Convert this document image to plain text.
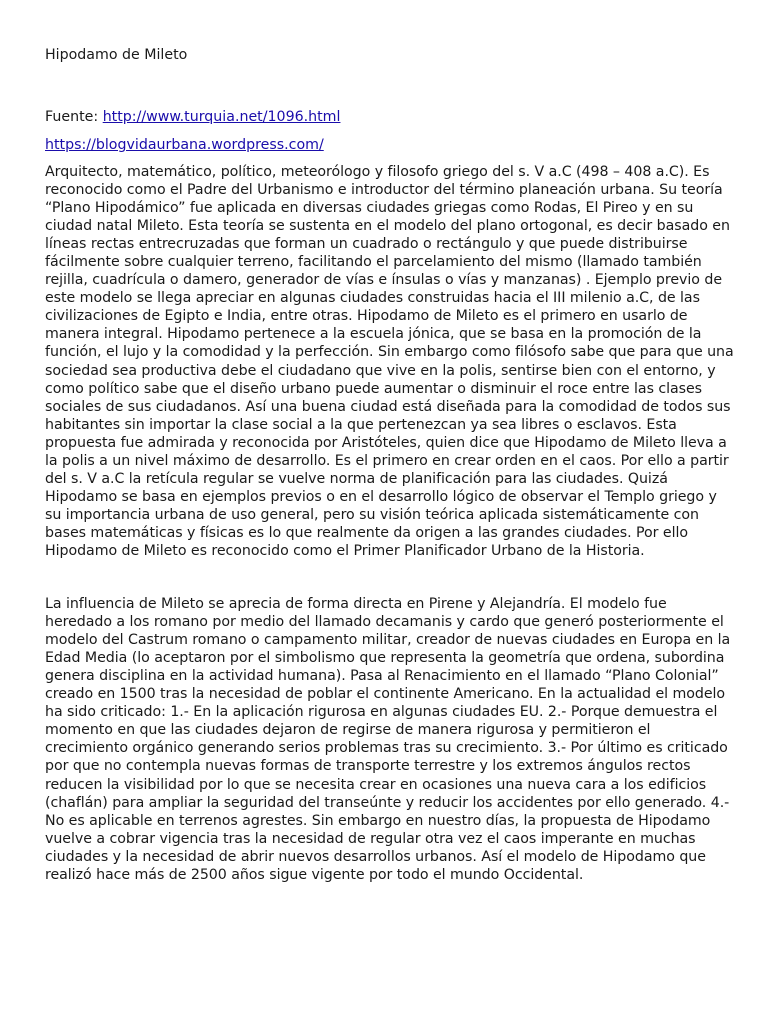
Hipodamo de Mileto

Fuente: http://www.turquia.net/1096.html

https://blogvidaurbana.wordpress.com/

Arquitecto, matemático, político, meteorólogo y filosofo griego del s. V a.C (498 – 408 a.C). Es reconocido como el Padre del Urbanismo e introductor del término planeación urbana. Su teoría “Plano Hipodámico” fue aplicada en diversas ciudades griegas como Rodas, El Pireo y en su ciudad natal Mileto. Esta teoría se sustenta en el modelo del plano ortogonal, es decir basado en líneas rectas entrecruzadas que forman un cuadrado o rectángulo y que puede distribuirse fácilmente sobre cualquier terreno, facilitando el parcelamiento del mismo (llamado también rejilla, cuadrícula o damero, generador de vías e ínsulas o vías y manzanas) . Ejemplo previo de este modelo se llega apreciar en algunas ciudades construidas hacia el III milenio a.C, de las civilizaciones de Egipto e India, entre otras. Hipodamo de Mileto es el primero en usarlo de manera integral. Hipodamo pertenece a la escuela jónica, que se basa en la promoción de la función, el lujo y la comodidad y la perfección. Sin embargo como filósofo sabe que para que una sociedad sea productiva debe el ciudadano que vive en la polis, sentirse bien con el entorno, y como político sabe que el diseño urbano puede aumentar o disminuir el roce entre las clases sociales de sus ciudadanos. Así una buena ciudad está diseñada para la comodidad de todos sus habitantes sin importar la clase social a la que pertenezcan ya sea libres o esclavos. Esta propuesta fue admirada y reconocida por Aristóteles, quien dice que Hipodamo de Mileto lleva a la polis a un nivel máximo de desarrollo. Es el primero en crear orden en el caos. Por ello a partir del s. V a.C la retícula regular se vuelve norma de planificación para las ciudades. Quizá Hipodamo se basa en ejemplos previos o en el desarrollo lógico de observar el Templo griego y su importancia urbana de uso general, pero su visión teórica aplicada sistemáticamente con bases matemáticas y físicas es lo que realmente da origen a las grandes ciudades. Por ello Hipodamo de Mileto es reconocido como el Primer Planificador Urbano de la Historia.

La influencia de Mileto se aprecia de forma directa en Pirene y Alejandría. El modelo fue heredado a los romano por medio del llamado decamanis y cardo que generó posteriormente el modelo del Castrum romano o campamento militar, creador de nuevas ciudades en Europa en la Edad Media (lo aceptaron por el simbolismo que representa la geometría que ordena, subordina genera disciplina en la actividad humana). Pasa al Renacimiento en el llamado “Plano Colonial” creado en 1500 tras la necesidad de poblar el continente Americano. En la actualidad el modelo ha sido criticado: 1.- En la aplicación rigurosa en algunas ciudades EU. 2.- Porque demuestra el momento en que las ciudades dejaron de regirse de manera rigurosa y permitieron el crecimiento orgánico generando serios problemas tras su crecimiento. 3.- Por último es criticado por que no contempla nuevas formas de transporte terrestre y los extremos ángulos rectos reducen la visibilidad por lo que se necesita crear en ocasiones una nueva cara a los edificios (chaflán) para ampliar la seguridad del transeúnte y reducir los accidentes por ello generado. 4.- No es aplicable en terrenos agrestes. Sin embargo en nuestro días, la propuesta de Hipodamo vuelve a cobrar vigencia tras la necesidad de regular otra vez el caos imperante en muchas ciudades y la necesidad de abrir nuevos desarrollos urbanos. Así el modelo de Hipodamo que realizó hace más de 2500 años sigue vigente por todo el mundo Occidental.
